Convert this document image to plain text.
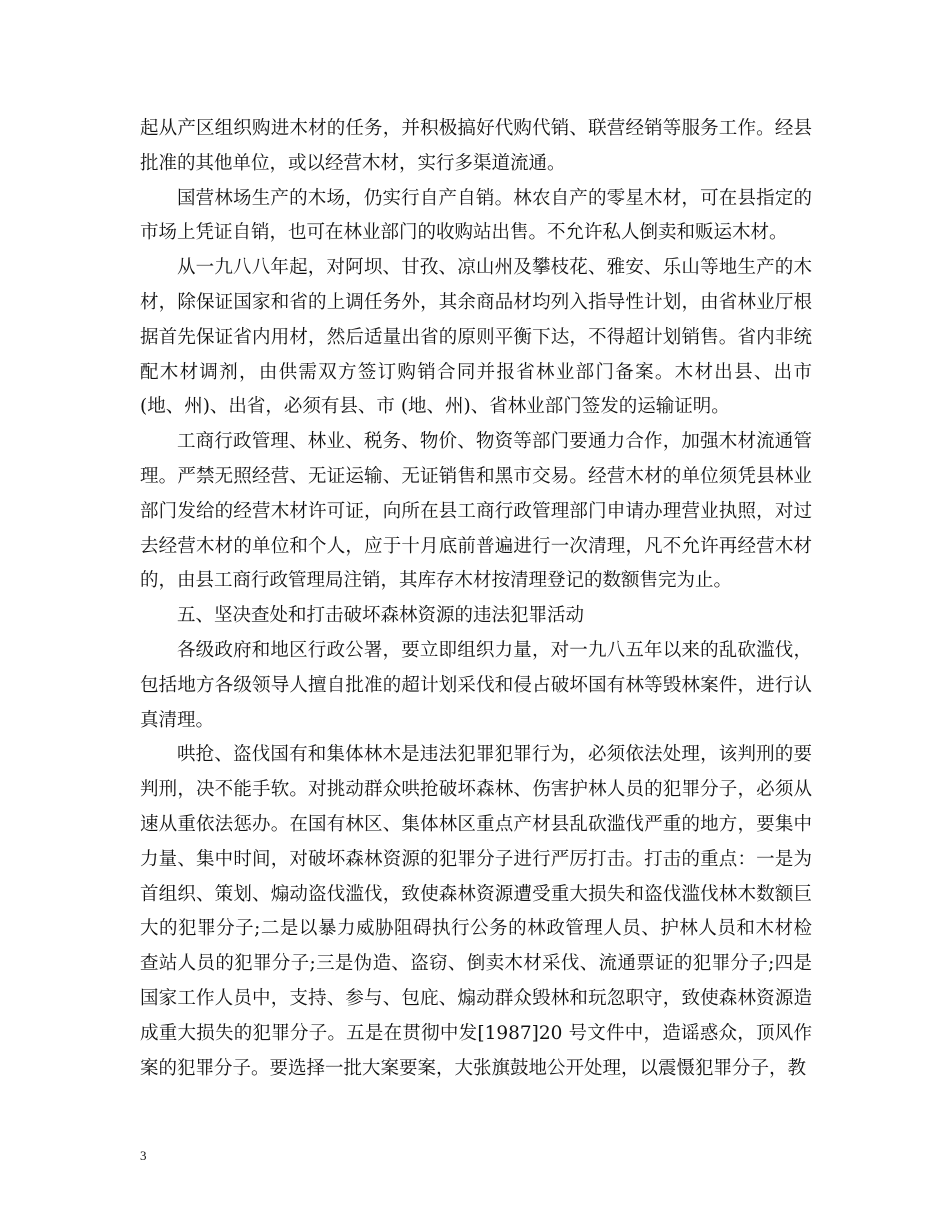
起从产区组织购进木材的任务，并积极搞好代购代销、联营经销等服务工作。经县批准的其他单位，或以经营木材，实行多渠道流通。

国营林场生产的木场，仍实行自产自销。林农自产的零星木材，可在县指定的市场上凭证自销，也可在林业部门的收购站出售。不允许私人倒卖和贩运木材。

从一九八八年起，对阿坝、甘孜、凉山州及攀枝花、雅安、乐山等地生产的木材，除保证国家和省的上调任务外，其余商品材均列入指导性计划，由省林业厅根据首先保证省内用材，然后适量出省的原则平衡下达，不得超计划销售。省内非统配木材调剂，由供需双方签订购销合同并报省林业部门备案。木材出县、出市 (地、州)、出省，必须有县、市 (地、州)、省林业部门签发的运输证明。

工商行政管理、林业、税务、物价、物资等部门要通力合作，加强木材流通管理。严禁无照经营、无证运输、无证销售和黑市交易。经营木材的单位须凭县林业部门发给的经营木材许可证，向所在县工商行政管理部门申请办理营业执照，对过去经营木材的单位和个人，应于十月底前普遍进行一次清理，凡不允许再经营木材的，由县工商行政管理局注销，其库存木材按清理登记的数额售完为止。

五、坚决查处和打击破坏森林资源的违法犯罪活动

各级政府和地区行政公署，要立即组织力量，对一九八五年以来的乱砍滥伐，包括地方各级领导人擅自批准的超计划采伐和侵占破坏国有林等毁林案件，进行认真清理。

哄抢、盗伐国有和集体林木是违法犯罪犯罪行为，必须依法处理，该判刑的要判刑，决不能手软。对挑动群众哄抢破坏森林、伤害护林人员的犯罪分子，必须从速从重依法惩办。在国有林区、集体林区重点产材县乱砍滥伐严重的地方，要集中力量、集中时间，对破坏森林资源的犯罪分子进行严厉打击。打击的重点：一是为首组织、策划、煽动盗伐滥伐，致使森林资源遭受重大损失和盗伐滥伐林木数额巨大的犯罪分子;二是以暴力威胁阻碍执行公务的林政管理人员、护林人员和木材检查站人员的犯罪分子;三是伪造、盗窃、倒卖木材采伐、流通票证的犯罪分子;四是国家工作人员中，支持、参与、包庇、煽动群众毁林和玩忽职守，致使森林资源造成重大损失的犯罪分子。五是在贯彻中发[1987]20 号文件中，造谣惑众，顶风作案的犯罪分子。要选择一批大案要案，大张旗鼓地公开处理，以震慑犯罪分子，教

3
